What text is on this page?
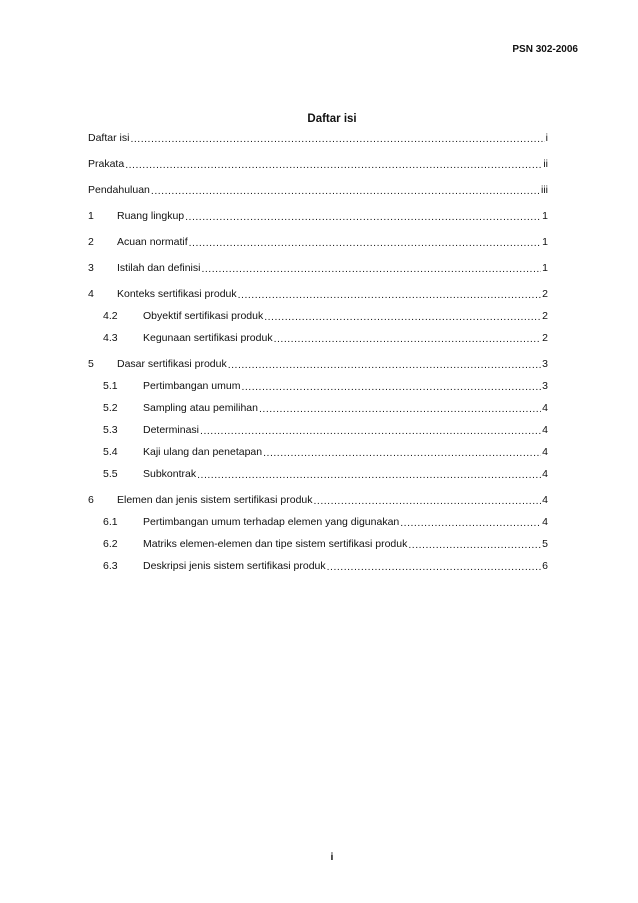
PSN 302-2006
Daftar isi
Daftar isi .....	i
Prakata .....	ii
Pendahuluan .....	iii
1 Ruang lingkup .....	1
2 Acuan normatif .....	1
3 Istilah dan definisi .....	1
4 Konteks sertifikasi produk .....	2
4.2 Obyektif sertifikasi produk .....	2
4.3 Kegunaan sertifikasi produk .....	2
5 Dasar sertifikasi produk .....	3
5.1 Pertimbangan umum .....	3
5.2 Sampling atau pemilihan .....	4
5.3 Determinasi .....	4
5.4 Kaji ulang dan penetapan .....	4
5.5 Subkontrak .....	4
6 Elemen dan jenis sistem sertifikasi produk .....	4
6.1 Pertimbangan umum terhadap elemen yang digunakan .....	4
6.2 Matriks elemen-elemen dan tipe sistem sertifikasi produk .....	5
6.3 Deskripsi jenis sistem sertifikasi produk .....	6
i
